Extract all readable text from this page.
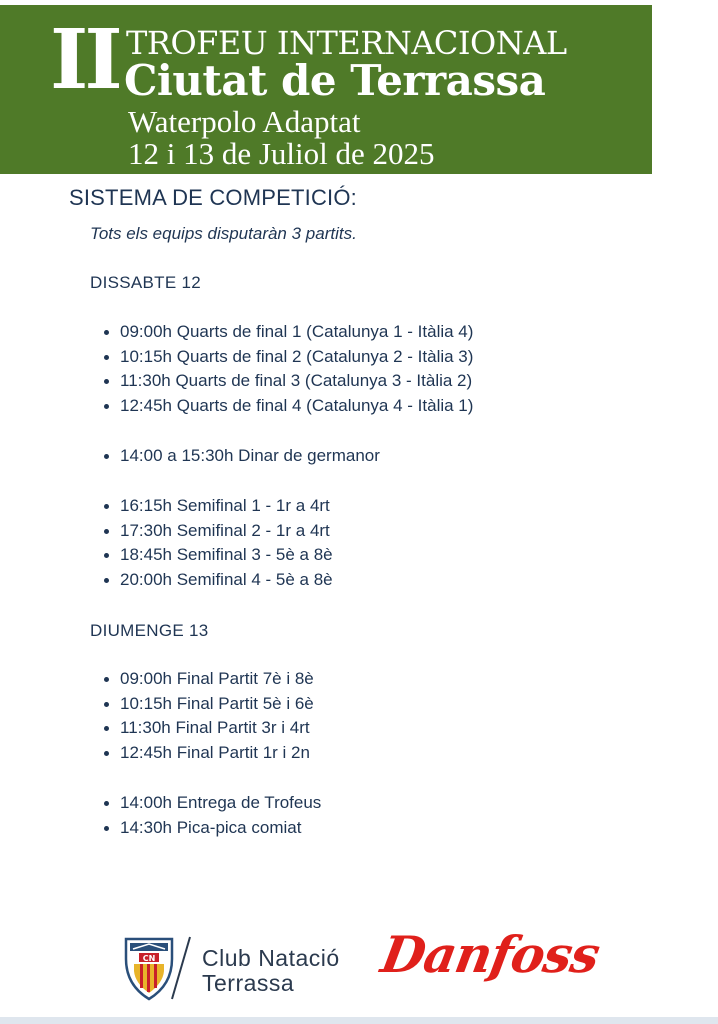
II TROFEU INTERNACIONAL
Ciutat de Terrassa
Waterpolo Adaptat
12 i 13 de Juliol de 2025
SISTEMA DE COMPETICIÓ:
Tots els equips disputaràn 3 partits.
DISSABTE 12
09:00h Quarts de final 1 (Catalunya 1 - Itàlia 4)
10:15h Quarts de final 2 (Catalunya 2 - Itàlia 3)
11:30h Quarts de final 3 (Catalunya 3 - Itàlia 2)
12:45h Quarts de final 4 (Catalunya 4 - Itàlia 1)
14:00 a 15:30h Dinar de germanor
16:15h Semifinal 1 - 1r a 4rt
17:30h Semifinal 2 - 1r a 4rt
18:45h Semifinal 3 - 5è a 8è
20:00h Semifinal 4 - 5è a 8è
DIUMENGE 13
09:00h Final Partit 7è i 8è
10:15h Final Partit 5è i 6è
11:30h Final Partit 3r i 4rt
12:45h Final Partit 1r i 2n
14:00h Entrega de Trofeus
14:30h Pica-pica comiat
CN Club Natació
Terrassa	Danfoss
